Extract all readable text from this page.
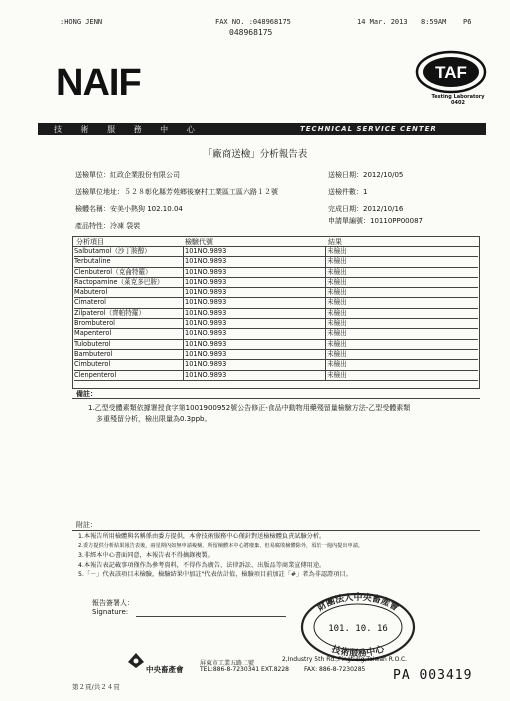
:HONG JENN	FAX NO. :048968175
048968175
14 Mar. 2013 8:59AM P6
NAIF	TAF
Testing Laboratory
0402
技 術 服 務 中 心	TECHNICAL SERVICE CENTER
「廠商送檢」分析報告表
送檢單位：紅政企業股份有限公司
送檢單位地址：５２８彰化縣芳苑鄉後寮村工業區工區六路１２號
檢體名稱：安美小熱狗 102.10.04
產品特性：冷凍 袋裝
送檢日期：2012/10/05
送檢件數：1
完成日期：2012/10/16
申請單編號：10110PP00087
分析項目	檢驗代號	結果
Salbutamol（沙丁胺醇）	101NO.9893	未檢出
Terbutaline	101NO.9893	未檢出
Clenbuterol（克侖特羅）	101NO.9893	未檢出
Ractopamine（萊克多巴胺）	101NO.9893	未檢出
Mabuterol	101NO.9893	未檢出
Cimaterol	101NO.9893	未檢出
Zilpaterol（齊帕特羅）	101NO.9893	未檢出
Brombuterol	101NO.9893	未檢出
Mapenterol	101NO.9893	未檢出
Tulobuterol	101NO.9893	未檢出
Bambuterol	101NO.9893	未檢出
Cimbuterol	101NO.9893	未檢出
Clenpenterol	101NO.9893	未檢出
備註：
1.乙型受體素類依據署授食字第1001900952號公告修正-食品中動物用藥殘留量檢驗方法-乙型受體素類
多重殘留分析，檢出限量為0.3ppb。
附註：
1.本報告所用檢體與名稱係由委方提供，本會技術服務中心僅針對送檢檢體負責試驗分析。
2.委方提供分析結果報告表後，兩星期內如無申請複檢，所留檢體本中心將廢棄，但易腐敗檢體除外，須於一週內提出申請。
3.非經本中心書面同意，本報告表不得摘錄複製。
4.本報告表記載事項僅作為參考資料，不得作為廣告、法律訴訟、出版品等商業宣傳用途。
5.「－」代表該項目未檢驗，檢驗結果中加註"代表估計值，檢驗項目前加註「#」者為非認證項目。
報告簽署人：
Signature:	財團法人中央畜產會
技術服務中心
101. 10. 16
中央畜產會
屏東市工業五路二號
2,Industry 5th Rd.,Pingtung,Taiwan R.O.C.
TEL:886-8-7230341 EXT.8228	FAX: 886-8-7230285
第２頁/共２４頁
PA 003419
